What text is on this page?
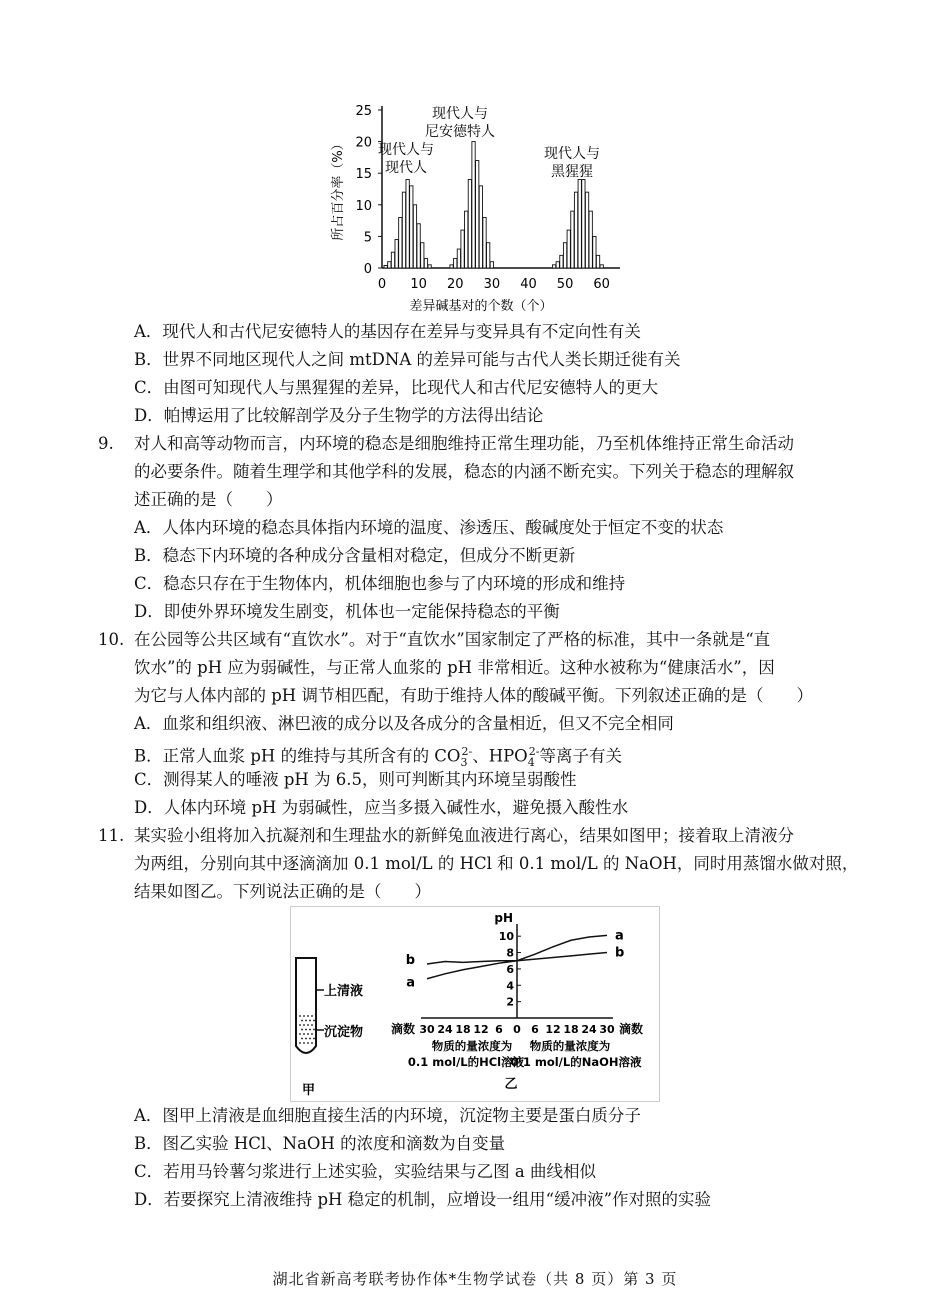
0
5
10
15
20
25
0 10 20 30 40 50 60
所占百分率（%）
差异碱基对的个数（个）
现代人与
现代人
现代人与
尼安德特人
现代人与
黑猩猩
A．现代人和古代尼安德特人的基因存在差异与变异具有不定向性有关
B．世界不同地区现代人之间 mtDNA 的差异可能与古代人类长期迁徙有关
C．由图可知现代人与黑猩猩的差异，比现代人和古代尼安德特人的更大
D．帕博运用了比较解剖学及分子生物学的方法得出结论
9. 对人和高等动物而言，内环境的稳态是细胞维持正常生理功能，乃至机体维持正常生命活动
的必要条件。随着生理学和其他学科的发展，稳态的内涵不断充实。下列关于稳态的理解叙
述正确的是（　　）
A．人体内环境的稳态具体指内环境的温度、渗透压、酸碱度处于恒定不变的状态
B．稳态下内环境的各种成分含量相对稳定，但成分不断更新
C．稳态只存在于生物体内，机体细胞也参与了内环境的形成和维持
D．即使外界环境发生剧变，机体也一定能保持稳态的平衡
10. 在公园等公共区域有“直饮水”。对于“直饮水”国家制定了严格的标准，其中一条就是“直
饮水”的 pH 应为弱碱性，与正常人血浆的 pH 非常相近。这种水被称为“健康活水”，因
为它与人体内部的 pH 调节相匹配，有助于维持人体的酸碱平衡。下列叙述正确的是（　　）
A．血浆和组织液、淋巴液的成分以及各成分的含量相近，但又不完全相同
B．正常人血浆 pH 的维持与其所含有的 $CO_3^{2-}$、$HPO_4^{2-}$等离子有关
C．测得某人的唾液 pH 为 6.5，则可判断其内环境呈弱酸性
D．人体内环境 pH 为弱碱性，应当多摄入碱性水，避免摄入酸性水
11. 某实验小组将加入抗凝剂和生理盐水的新鲜兔血液进行离心，结果如图甲；接着取上清液分
为两组，分别向其中逐滴滴加 0.1 mol/L 的 HCl 和 0.1 mol/L 的 NaOH，同时用蒸馏水做对照，
结果如图乙。下列说法正确的是（　　）
上清液
沉淀物
甲
pH
2
4
6
8
10
30 24 18 12 6	6 12 18 24 30
0
滴数	滴数
物质的量浓度为
0.1 mol/L的HCl溶液
物质的量浓度为
0.1 mol/L的NaOH溶液
乙
a
a
b
b
A．图甲上清液是血细胞直接生活的内环境，沉淀物主要是蛋白质分子
B．图乙实验 HCl、NaOH 的浓度和滴数为自变量
C．若用马铃薯匀浆进行上述实验，实验结果与乙图 a 曲线相似
D．若要探究上清液维持 pH 稳定的机制，应增设一组用“缓冲液”作对照的实验
湖北省新高考联考协作体*生物学试卷（共 8 页）第 3 页
